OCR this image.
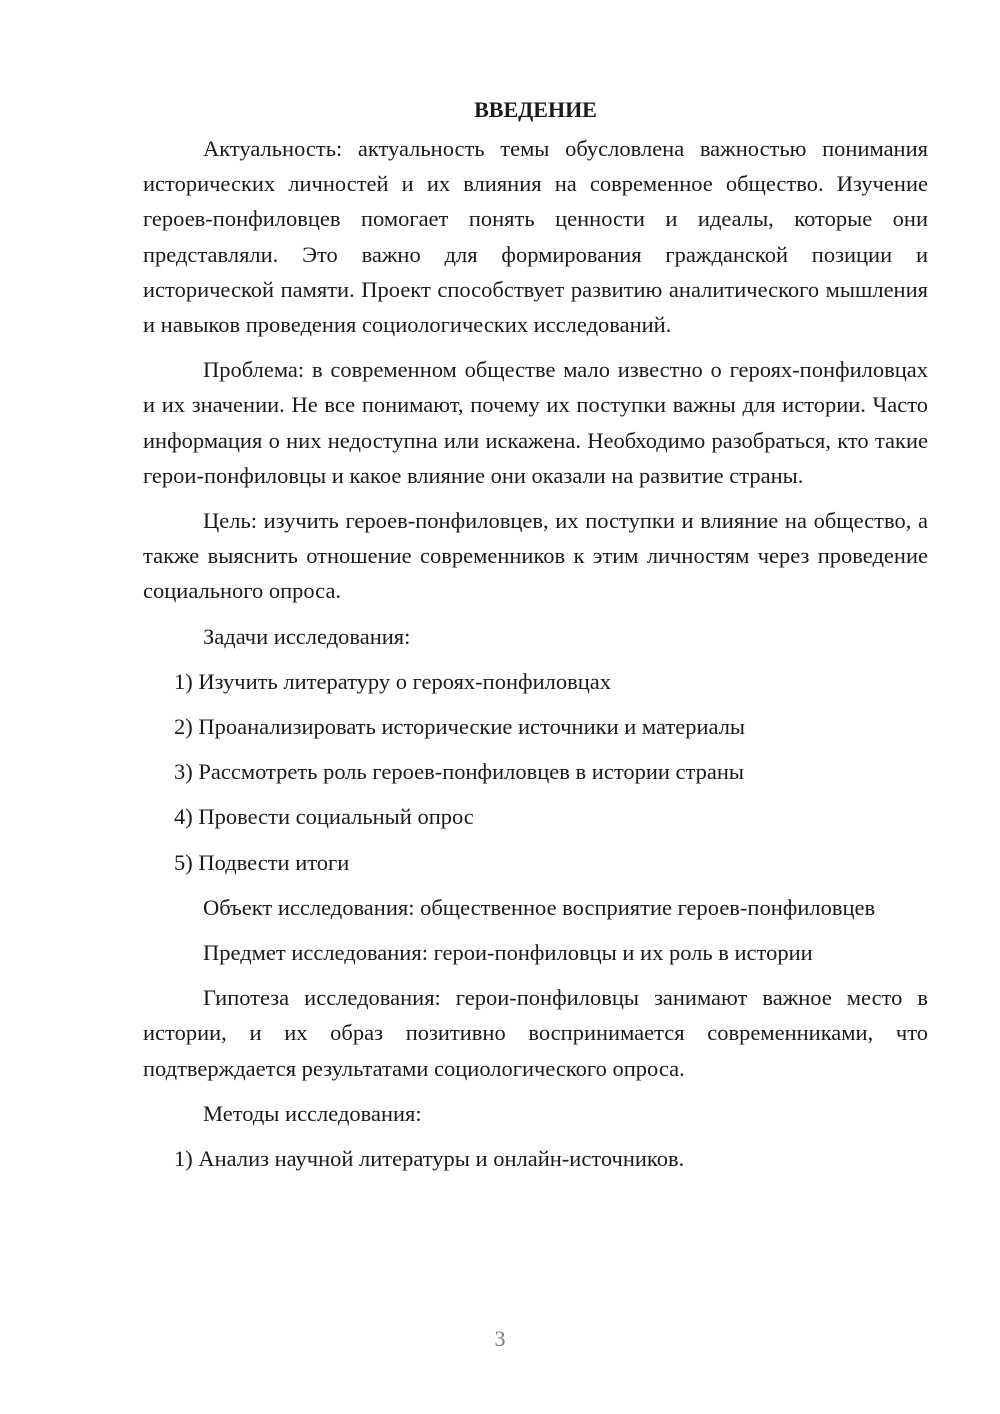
ВВЕДЕНИЕ

Актуальность: актуальность темы обусловлена важностью понимания исторических личностей и их влияния на современное общество. Изучение героев-понфиловцев помогает понять ценности и идеалы, которые они представляли. Это важно для формирования гражданской позиции и исторической памяти. Проект способствует развитию аналитического мышления и навыков проведения социологических исследований.

Проблема: в современном обществе мало известно о героях-понфиловцах и их значении. Не все понимают, почему их поступки важны для истории. Часто информация о них недоступна или искажена. Необходимо разобраться, кто такие герои-понфиловцы и какое влияние они оказали на развитие страны.

Цель: изучить героев-понфиловцев, их поступки и влияние на общество, а также выяснить отношение современников к этим личностям через проведение социального опроса.

Задачи исследования:

1) Изучить литературу о героях-понфиловцах
2) Проанализировать исторические источники и материалы
3) Рассмотреть роль героев-понфиловцев в истории страны
4) Провести социальный опрос
5) Подвести итоги

Объект исследования: общественное восприятие героев-понфиловцев

Предмет исследования: герои-понфиловцы и их роль в истории

Гипотеза исследования: герои-понфиловцы занимают важное место в истории, и их образ позитивно воспринимается современниками, что подтверждается результатами социологического опроса.

Методы исследования:

1) Анализ научной литературы и онлайн-источников.
3
